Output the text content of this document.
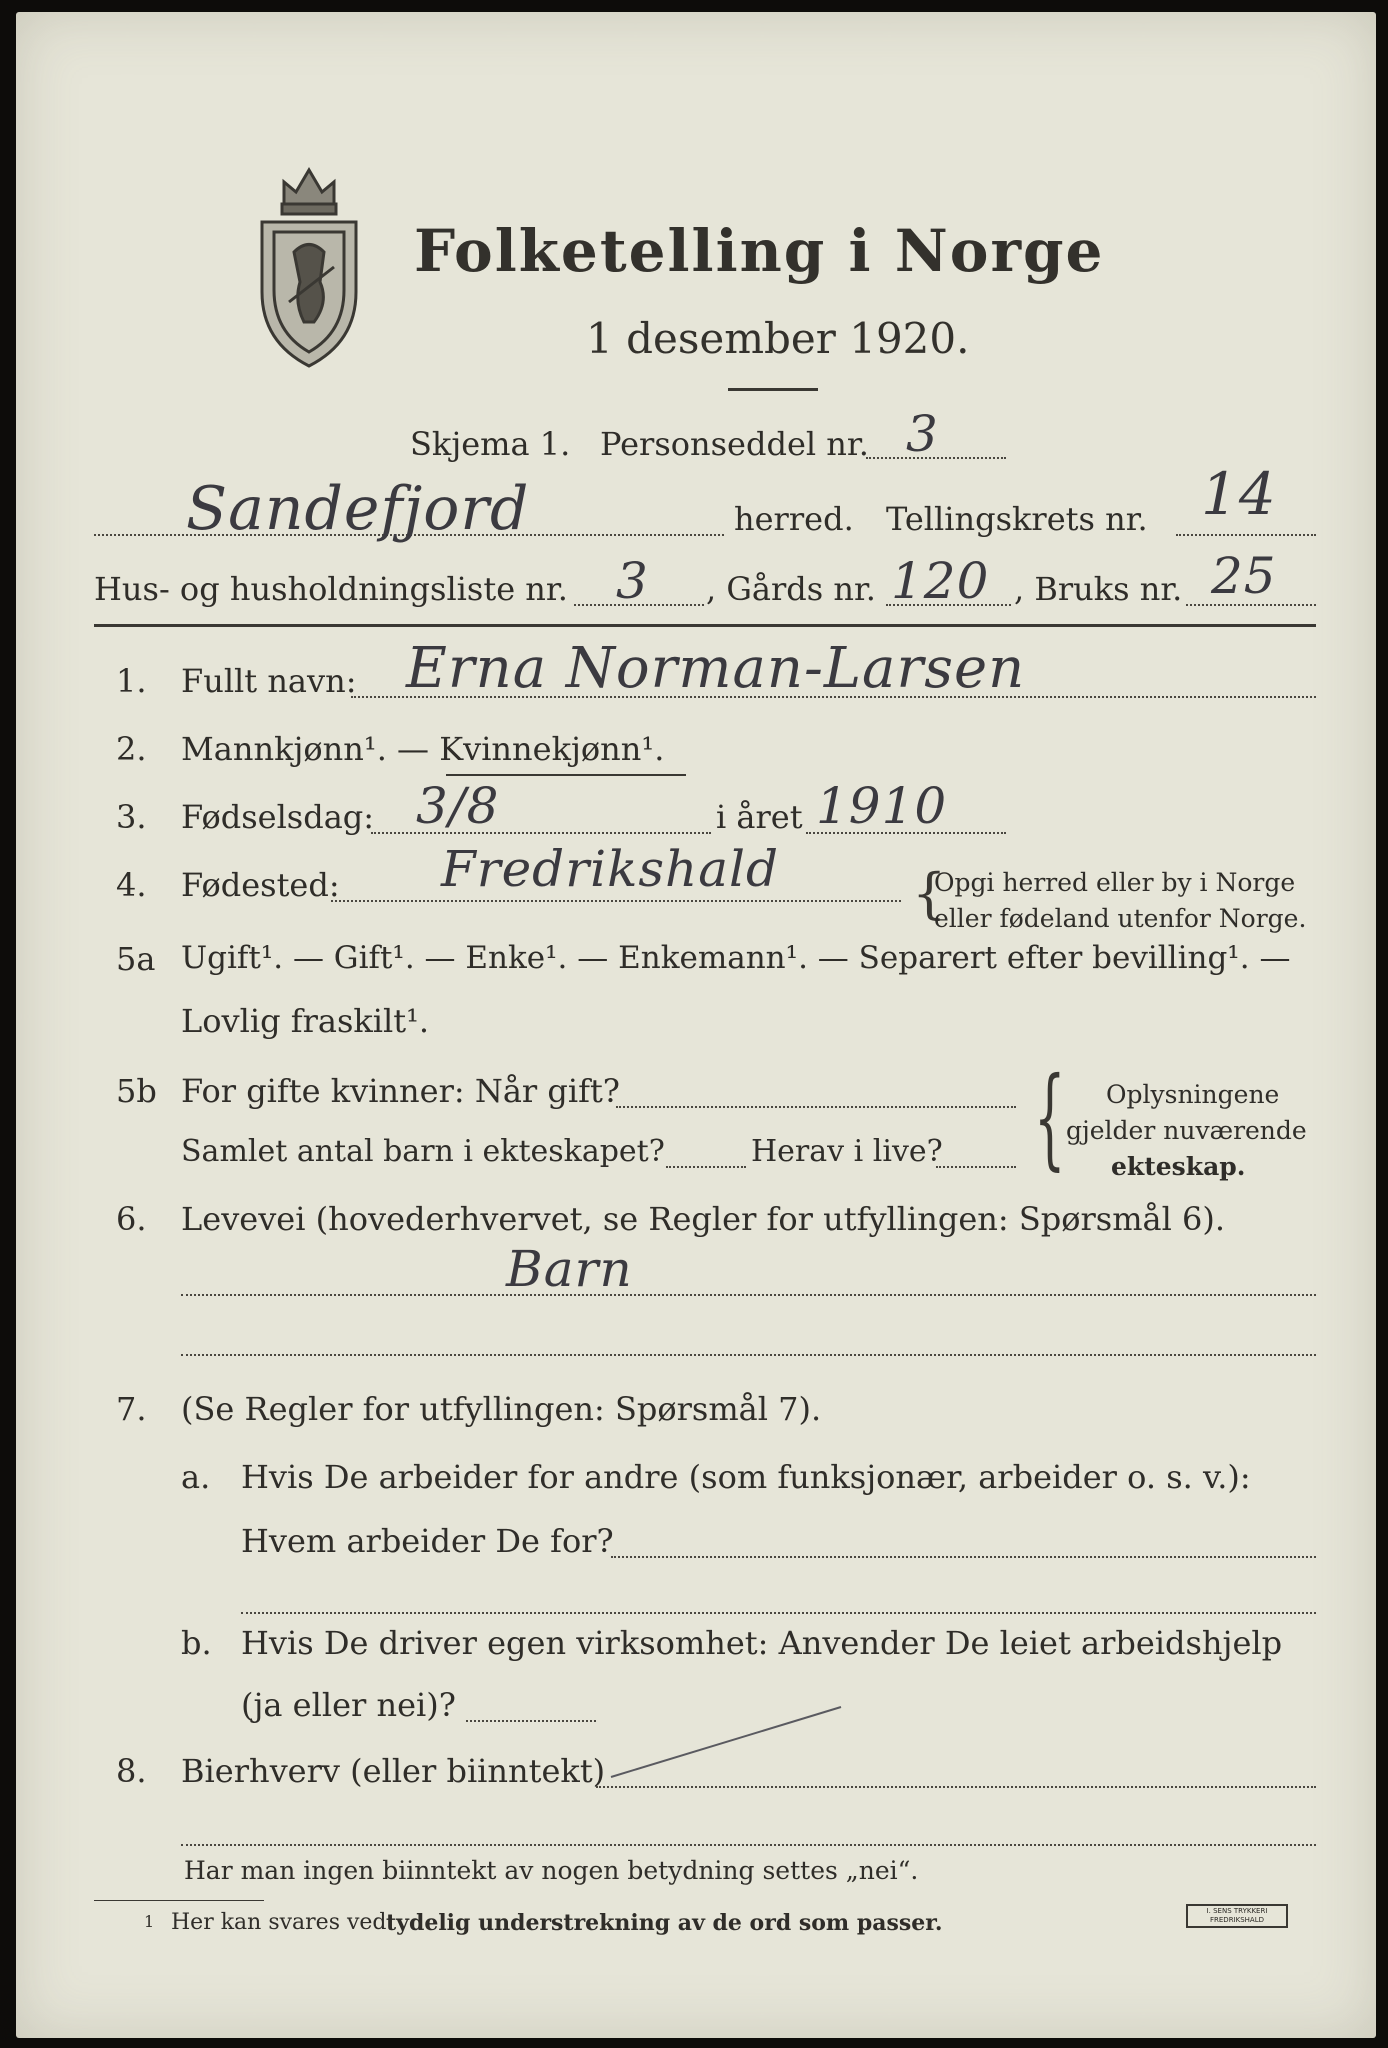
Folketelling i Norge
1 desember 1920.
Skjema 1. Personseddel nr. 3
Sandefjord	herred. Tellingskrets nr. 14
Hus- og husholdningsliste nr. 3 , Gårds nr. 120 , Bruks nr. 25
1. Fullt navn: Erna Norman-Larsen
2. Mannkjønn¹. — Kvinnekjønn¹.
3. Fødselsdag: 3/8	i året 1910
4. Fødested: Fredrikshald {
Opgi herred eller by i Norge
eller fødeland utenfor Norge.
5a Ugift¹. — Gift¹. — Enke¹. — Enkemann¹. — Separert efter bevilling¹. —
Lovlig fraskilt¹.
5b For gifte kvinner: Når gift?
Samlet antal barn i ekteskapet?	Herav i live? { Oplysningene
gjelder nuværende
ekteskap.
6. Levevei (hovederhvervet, se Regler for utfyllingen: Spørsmål 6).
Barn
7. (Se Regler for utfyllingen: Spørsmål 7).
a. Hvis De arbeider for andre (som funksjonær, arbeider o. s. v.):
Hvem arbeider De for?
b. Hvis De driver egen virksomhet: Anvender De leiet arbeidshjelp
(ja eller nei)?
8. Bierhverv (eller biinntekt)
Har man ingen biinntekt av nogen betydning settes „nei“.
1 Her kan svares ved tydelig understrekning av de ord som passer.	I. SENS TRYKKERI FREDRIKSHALD
